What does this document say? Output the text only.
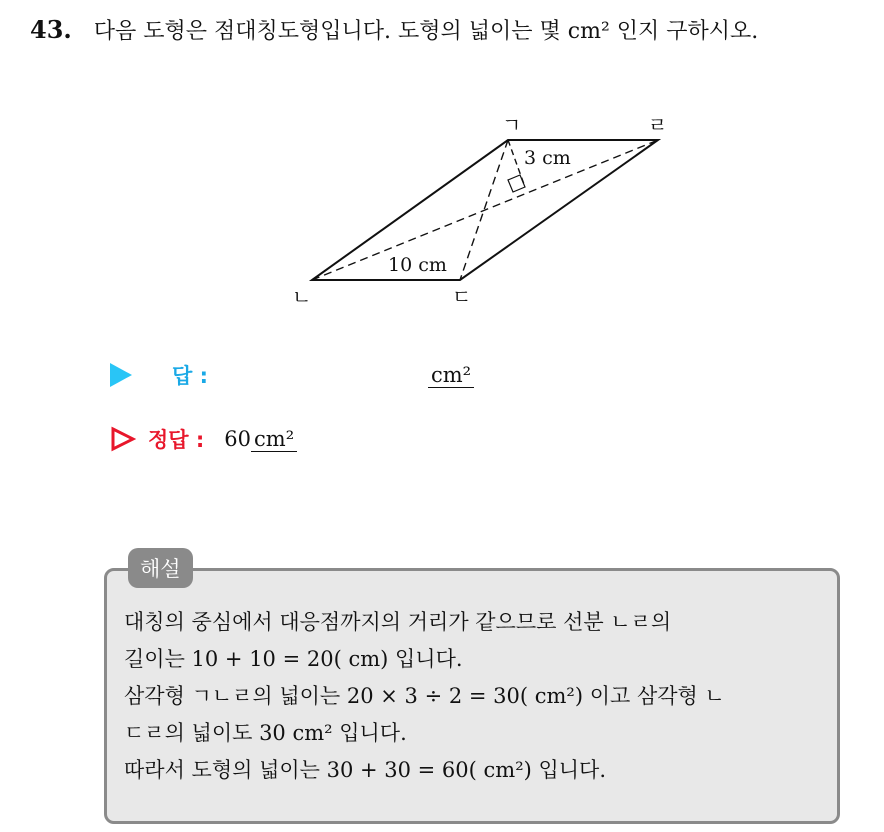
43. 다음 도형은 점대칭도형입니다. 도형의 넓이는 몇 cm² 인지 구하시오.
ㄱ	ㄹ
ㄴ	ㄷ
3 cm
10 cm
답 :	cm²
정답 : 60 cm²
해설
대칭의 중심에서 대응점까지의 거리가 같으므로 선분 ㄴㄹ의
길이는 10 + 10 = 20( cm) 입니다.
삼각형 ㄱㄴㄹ의 넓이는 20 × 3 ÷ 2 = 30( cm²) 이고 삼각형 ㄴ
ㄷㄹ의 넓이도 30 cm² 입니다.
따라서 도형의 넓이는 30 + 30 = 60( cm²) 입니다.
